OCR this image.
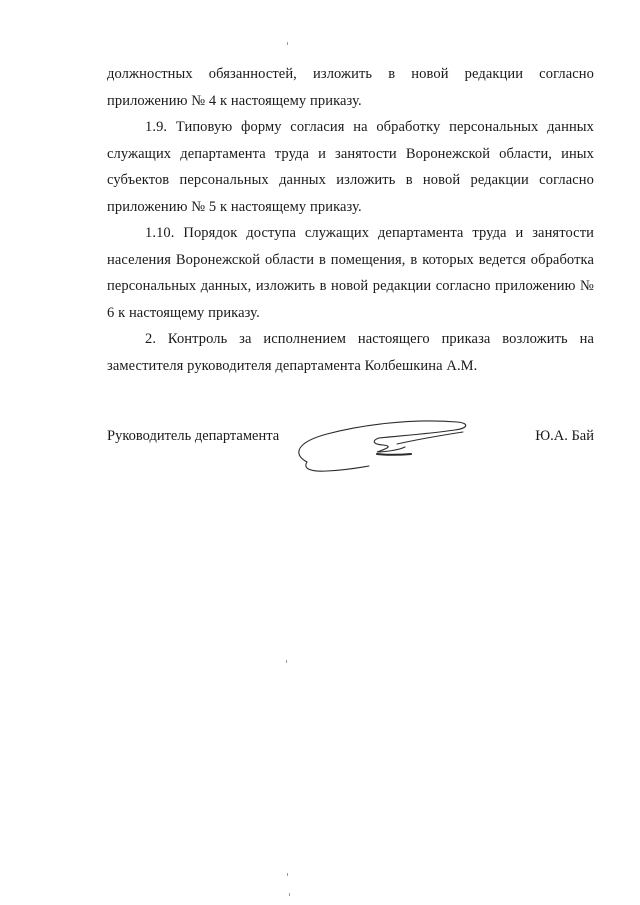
должностных обязанностей, изложить в новой редакции согласно приложению № 4 к настоящему приказу.

1.9. Типовую форму согласия на обработку персональных данных служащих департамента труда и занятости Воронежской области, иных субъектов персональных данных изложить в новой редакции согласно приложению № 5 к настоящему приказу.

1.10. Порядок доступа служащих департамента труда и занятости населения Воронежской области в помещения, в которых ведется обработка персональных данных, изложить в новой редакции согласно приложению № 6 к настоящему приказу.

2. Контроль за исполнением настоящего приказа возложить на заместителя руководителя департамента Колбешкина А.М.

Руководитель департамента	Ю.А. Бай
